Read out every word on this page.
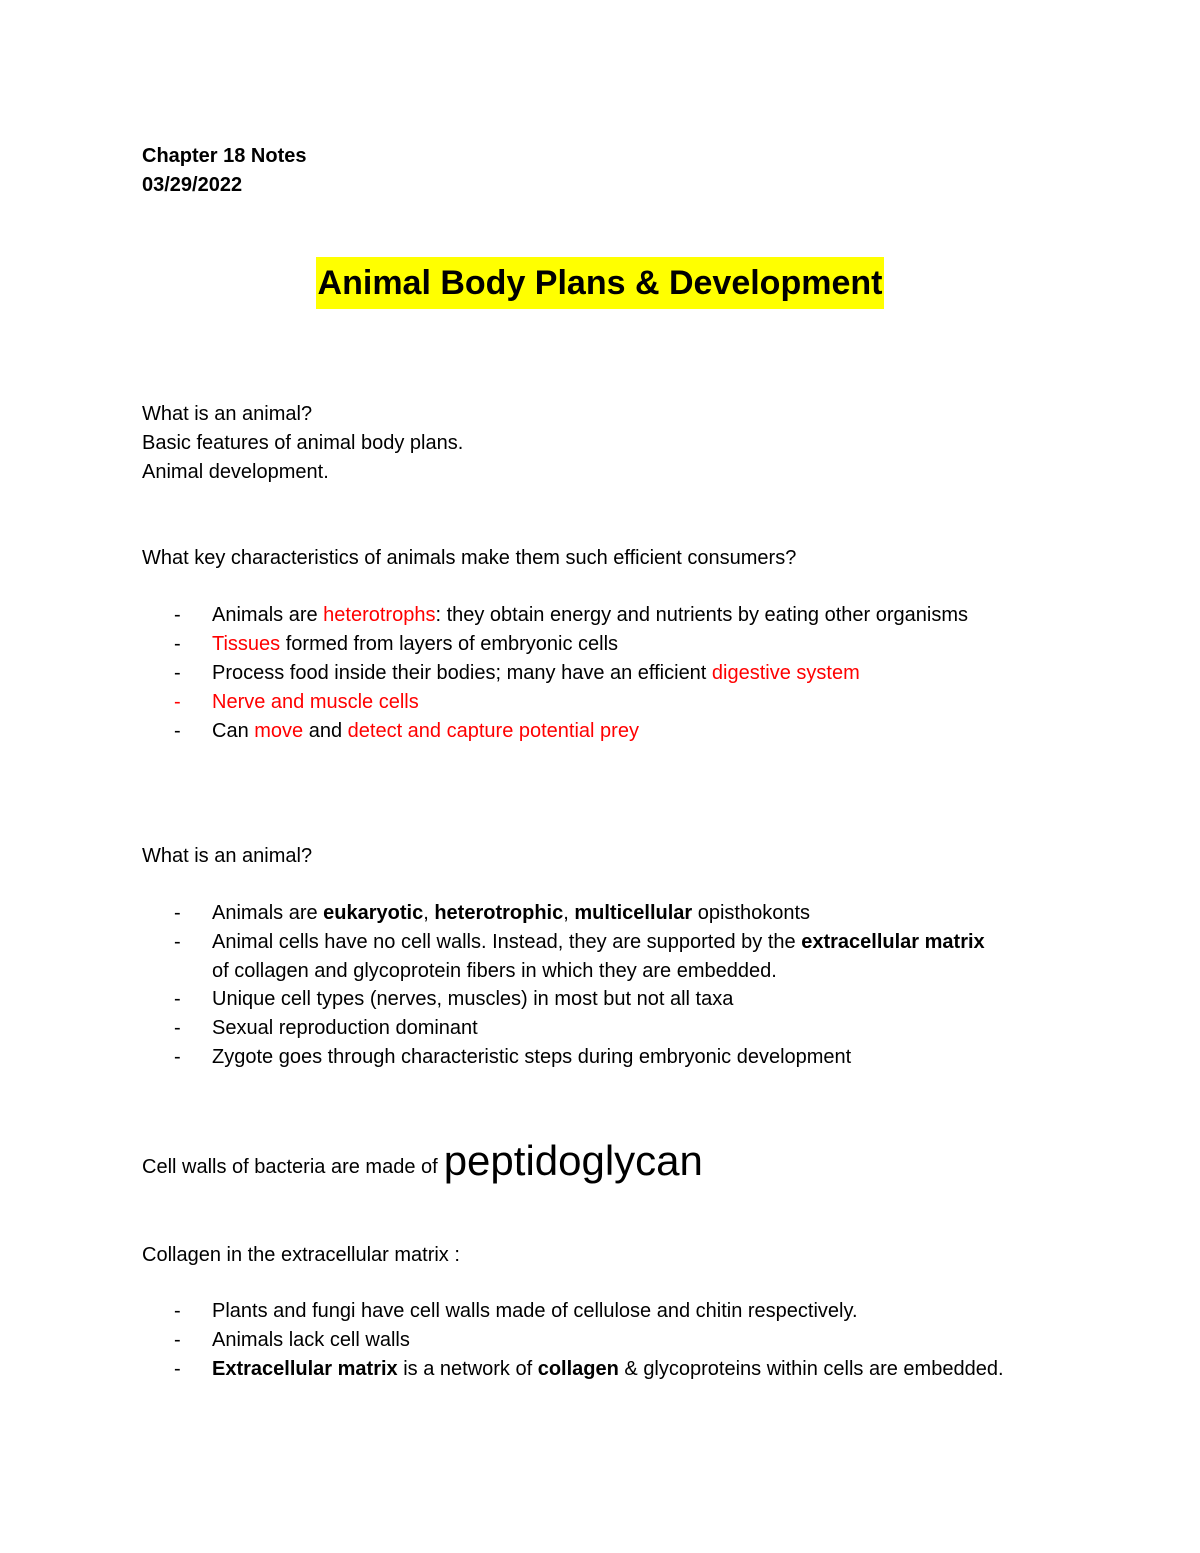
Chapter 18 Notes
03/29/2022
Animal Body Plans & Development
What is an animal?
Basic features of animal body plans.
Animal development.
What key characteristics of animals make them such efficient consumers?
- Animals are heterotrophs: they obtain energy and nutrients by eating other organisms
- Tissues formed from layers of embryonic cells
- Process food inside their bodies; many have an efficient digestive system
- Nerve and muscle cells
- Can move and detect and capture potential prey
What is an animal?
- Animals are eukaryotic, heterotrophic, multicellular opisthokonts
- Animal cells have no cell walls. Instead, they are supported by the extracellular matrix
of collagen and glycoprotein fibers in which they are embedded.
- Unique cell types (nerves, muscles) in most but not all taxa
- Sexual reproduction dominant
- Zygote goes through characteristic steps during embryonic development
Cell walls of bacteria are made of peptidoglycan
Collagen in the extracellular matrix :
- Plants and fungi have cell walls made of cellulose and chitin respectively.
- Animals lack cell walls
- Extracellular matrix is a network of collagen & glycoproteins within cells are embedded.
